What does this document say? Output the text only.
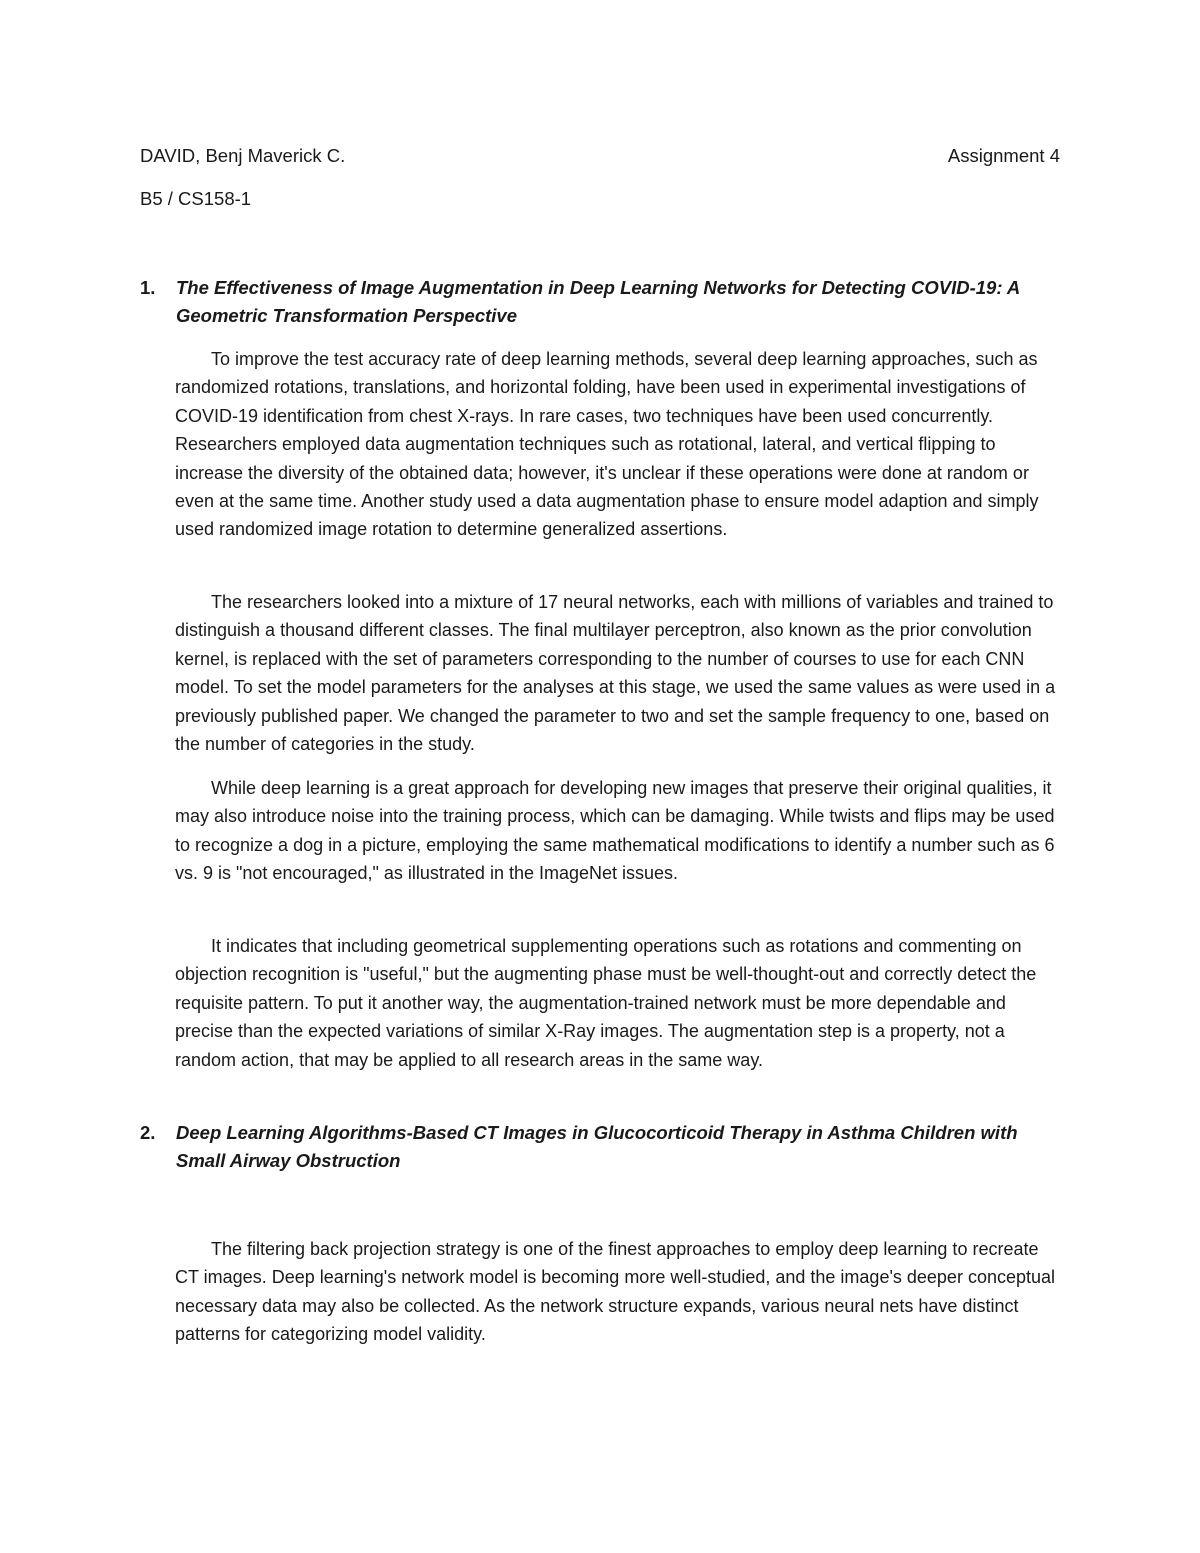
DAVID, Benj Maverick C.	Assignment 4
B5 / CS158-1
1.	The Effectiveness of Image Augmentation in Deep Learning Networks for Detecting COVID-19: A Geometric Transformation Perspective

To improve the test accuracy rate of deep learning methods, several deep learning approaches, such as randomized rotations, translations, and horizontal folding, have been used in experimental investigations of COVID-19 identification from chest X-rays. In rare cases, two techniques have been used concurrently. Researchers employed data augmentation techniques such as rotational, lateral, and vertical flipping to increase the diversity of the obtained data; however, it's unclear if these operations were done at random or even at the same time. Another study used a data augmentation phase to ensure model adaption and simply used randomized image rotation to determine generalized assertions.

The researchers looked into a mixture of 17 neural networks, each with millions of variables and trained to distinguish a thousand different classes. The final multilayer perceptron, also known as the prior convolution kernel, is replaced with the set of parameters corresponding to the number of courses to use for each CNN model. To set the model parameters for the analyses at this stage, we used the same values as were used in a previously published paper. We changed the parameter to two and set the sample frequency to one, based on the number of categories in the study.

While deep learning is a great approach for developing new images that preserve their original qualities, it may also introduce noise into the training process, which can be damaging. While twists and flips may be used to recognize a dog in a picture, employing the same mathematical modifications to identify a number such as 6 vs. 9 is "not encouraged," as illustrated in the ImageNet issues.

It indicates that including geometrical supplementing operations such as rotations and commenting on objection recognition is "useful," but the augmenting phase must be well-thought-out and correctly detect the requisite pattern. To put it another way, the augmentation-trained network must be more dependable and precise than the expected variations of similar X-Ray images. The augmentation step is a property, not a random action, that may be applied to all research areas in the same way.

2.	Deep Learning Algorithms-Based CT Images in Glucocorticoid Therapy in Asthma Children with Small Airway Obstruction

The filtering back projection strategy is one of the finest approaches to employ deep learning to recreate CT images. Deep learning's network model is becoming more well-studied, and the image's deeper conceptual necessary data may also be collected. As the network structure expands, various neural nets have distinct patterns for categorizing model validity.
